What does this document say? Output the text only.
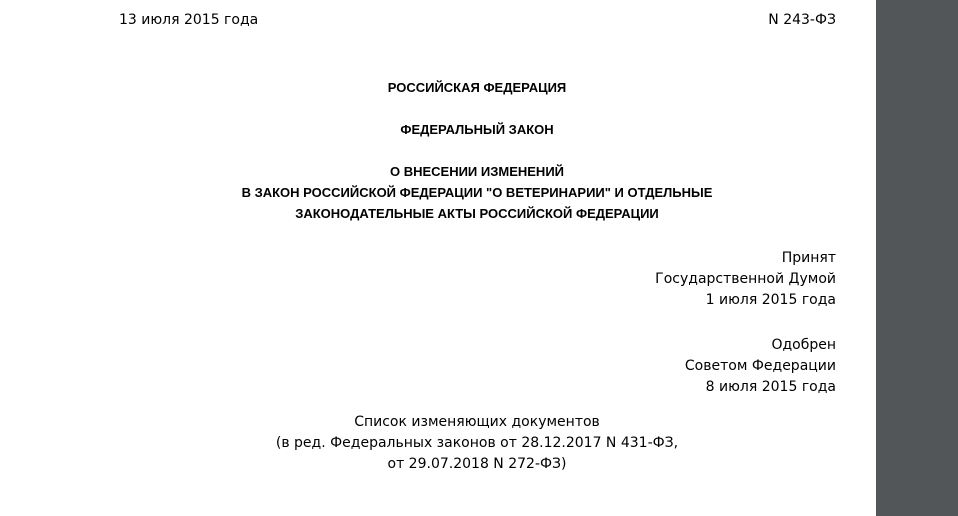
13 июля 2015 года	N 243-ФЗ
РОССИЙСКАЯ ФЕДЕРАЦИЯ
ФЕДЕРАЛЬНЫЙ ЗАКОН
О ВНЕСЕНИИ ИЗМЕНЕНИЙ
В ЗАКОН РОССИЙСКОЙ ФЕДЕРАЦИИ "О ВЕТЕРИНАРИИ" И ОТДЕЛЬНЫЕ
ЗАКОНОДАТЕЛЬНЫЕ АКТЫ РОССИЙСКОЙ ФЕДЕРАЦИИ
Принят
Государственной Думой
1 июля 2015 года
Одобрен
Советом Федерации
8 июля 2015 года
Список изменяющих документов
(в ред. Федеральных законов от 28.12.2017 N 431-ФЗ,
от 29.07.2018 N 272-ФЗ)
